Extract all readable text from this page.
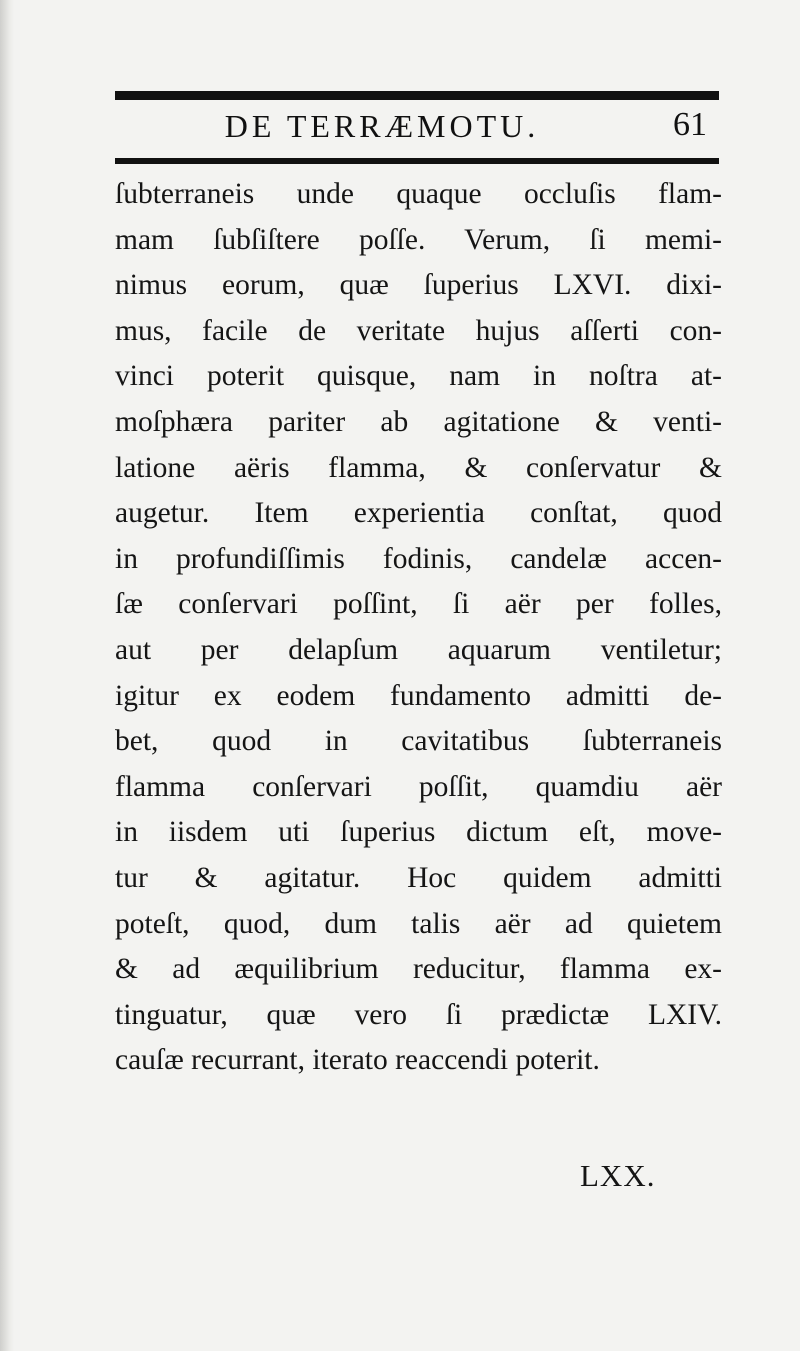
DE TERRÆMOTU.	61
ſubterraneis unde quaque occluſis flam-
mam ſubſiſtere poſſe. Verum, ſi memi-
nimus eorum, quæ ſuperius LXVI. dixi-
mus, facile de veritate hujus aſſerti con-
vinci poterit quisque, nam in noſtra at-
moſphæra pariter ab agitatione & venti-
latione aëris flamma, & conſervatur &
augetur. Item experientia conſtat, quod
in profundiſſimis fodinis, candelæ accen-
ſæ conſervari poſſint, ſi aër per folles,
aut per delapſum aquarum ventiletur;
igitur ex eodem fundamento admitti de-
bet, quod in cavitatibus ſubterraneis
flamma conſervari poſſit, quamdiu aër
in iisdem uti ſuperius dictum eſt, move-
tur & agitatur. Hoc quidem admitti
poteſt, quod, dum talis aër ad quietem
& ad æquilibrium reducitur, flamma ex-
tinguatur, quæ vero ſi prædictæ LXIV.
cauſæ recurrant, iterato reaccendi poterit.
LXX.
